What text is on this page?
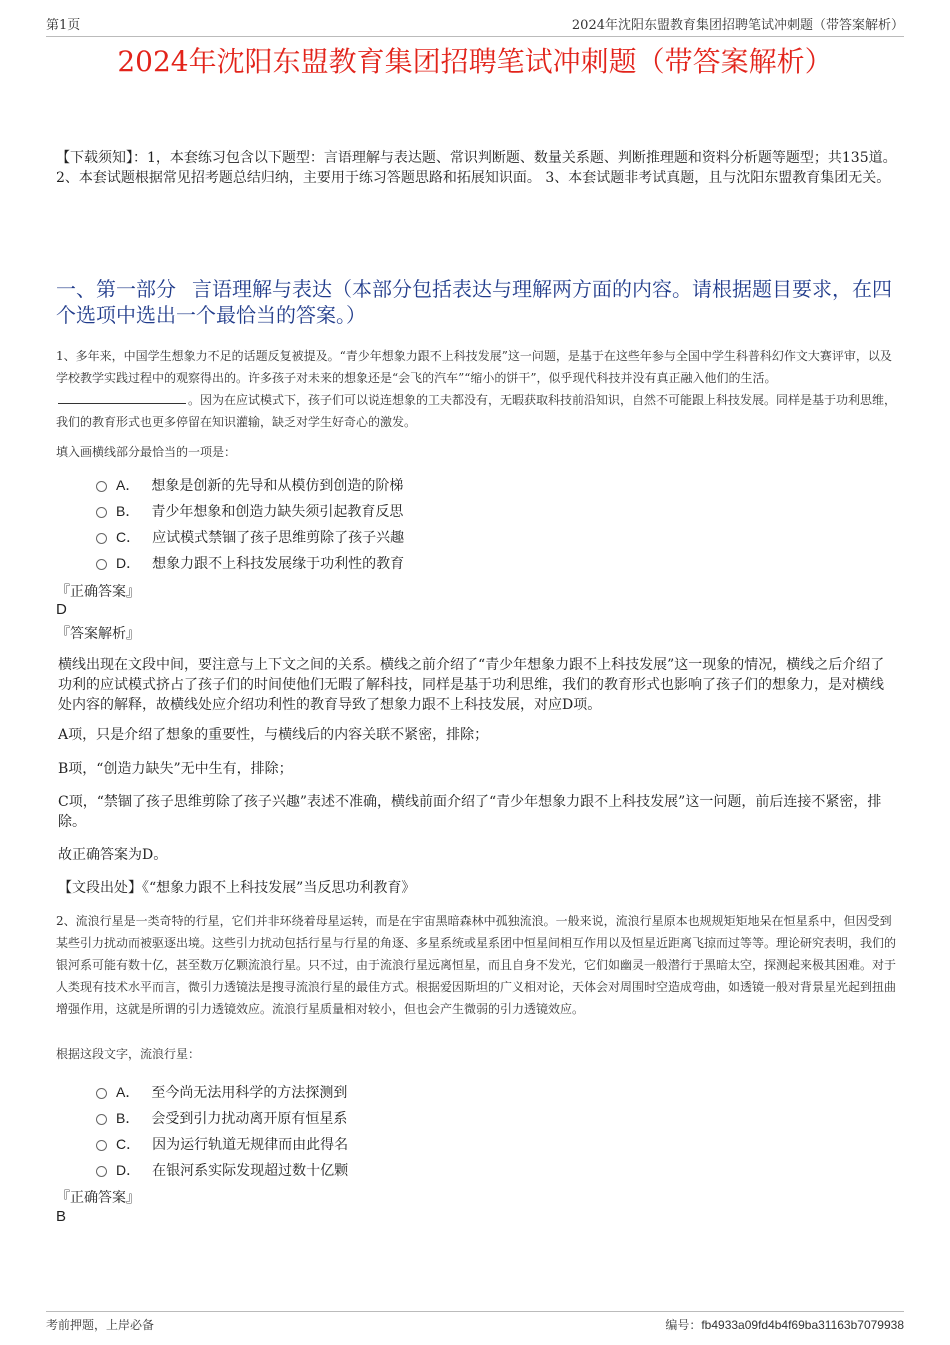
第1页	2024年沈阳东盟教育集团招聘笔试冲刺题（带答案解析）
2024年沈阳东盟教育集团招聘笔试冲刺题（带答案解析）
【下载须知】：1，本套练习包含以下题型：言语理解与表达题、常识判断题、数量关系题、判断推理题和资料分析题等题型；共135道。 2、本套试题根据常见招考题总结归纳，主要用于练习答题思路和拓展知识面。 3、本套试题非考试真题，且与沈阳东盟教育集团无关。
一、第一部分 言语理解与表达（本部分包括表达与理解两方面的内容。请根据题目要求，在四个选项中选出一个最恰当的答案。）
1、多年来，中国学生想象力不足的话题反复被提及。“青少年想象力跟不上科技发展”这一问题，是基于在这些年参与全国中学生科普科幻作文大赛评审，以及学校教学实践过程中的观察得出的。许多孩子对未来的想象还是“会飞的汽车”“缩小的饼干”，似乎现代科技并没有真正融入他们的生活。。因为在应试模式下，孩子们可以说连想象的工夫都没有，无暇获取科技前沿知识，自然不可能跟上科技发展。同样是基于功利思维，我们的教育形式也更多停留在知识灌输，缺乏对学生好奇心的激发。
填入画横线部分最恰当的一项是：
A． 想象是创新的先导和从模仿到创造的阶梯
B． 青少年想象和创造力缺失须引起教育反思
C． 应试模式禁锢了孩子思维剪除了孩子兴趣
D． 想象力跟不上科技发展缘于功利性的教育
『正确答案』
D
『答案解析』
横线出现在文段中间，要注意与上下文之间的关系。横线之前介绍了“青少年想象力跟不上科技发展”这一现象的情况，横线之后介绍了功利的应试模式挤占了孩子们的时间使他们无暇了解科技，同样是基于功利思维，我们的教育形式也影响了孩子们的想象力，是对横线处内容的解释，故横线处应介绍功利性的教育导致了想象力跟不上科技发展，对应D项。
A项，只是介绍了想象的重要性，与横线后的内容关联不紧密，排除；
B项，“创造力缺失”无中生有，排除；
C项，“禁锢了孩子思维剪除了孩子兴趣”表述不准确，横线前面介绍了“青少年想象力跟不上科技发展”这一问题，前后连接不紧密，排除。
故正确答案为D。
【文段出处】《“想象力跟不上科技发展”当反思功利教育》
2、流浪行星是一类奇特的行星，它们并非环绕着母星运转，而是在宇宙黑暗森林中孤独流浪。一般来说，流浪行星原本也规规矩矩地呆在恒星系中，但因受到某些引力扰动而被驱逐出境。这些引力扰动包括行星与行星的角逐、多星系统或星系团中恒星间相互作用以及恒星近距离飞掠而过等等。理论研究表明，我们的银河系可能有数十亿，甚至数万亿颗流浪行星。只不过，由于流浪行星远离恒星，而且自身不发光，它们如幽灵一般潜行于黑暗太空，探测起来极其困难。对于人类现有技术水平而言，微引力透镜法是搜寻流浪行星的最佳方式。根据爱因斯坦的广义相对论，天体会对周围时空造成弯曲，如透镜一般对背景星光起到扭曲增强作用，这就是所谓的引力透镜效应。流浪行星质量相对较小，但也会产生微弱的引力透镜效应。
根据这段文字，流浪行星：
A． 至今尚无法用科学的方法探测到
B． 会受到引力扰动离开原有恒星系
C． 因为运行轨道无规律而由此得名
D． 在银河系实际发现超过数十亿颗
『正确答案』
B
考前押题，上岸必备	编号：fb4933a09fd4b4f69ba31163b7079938
